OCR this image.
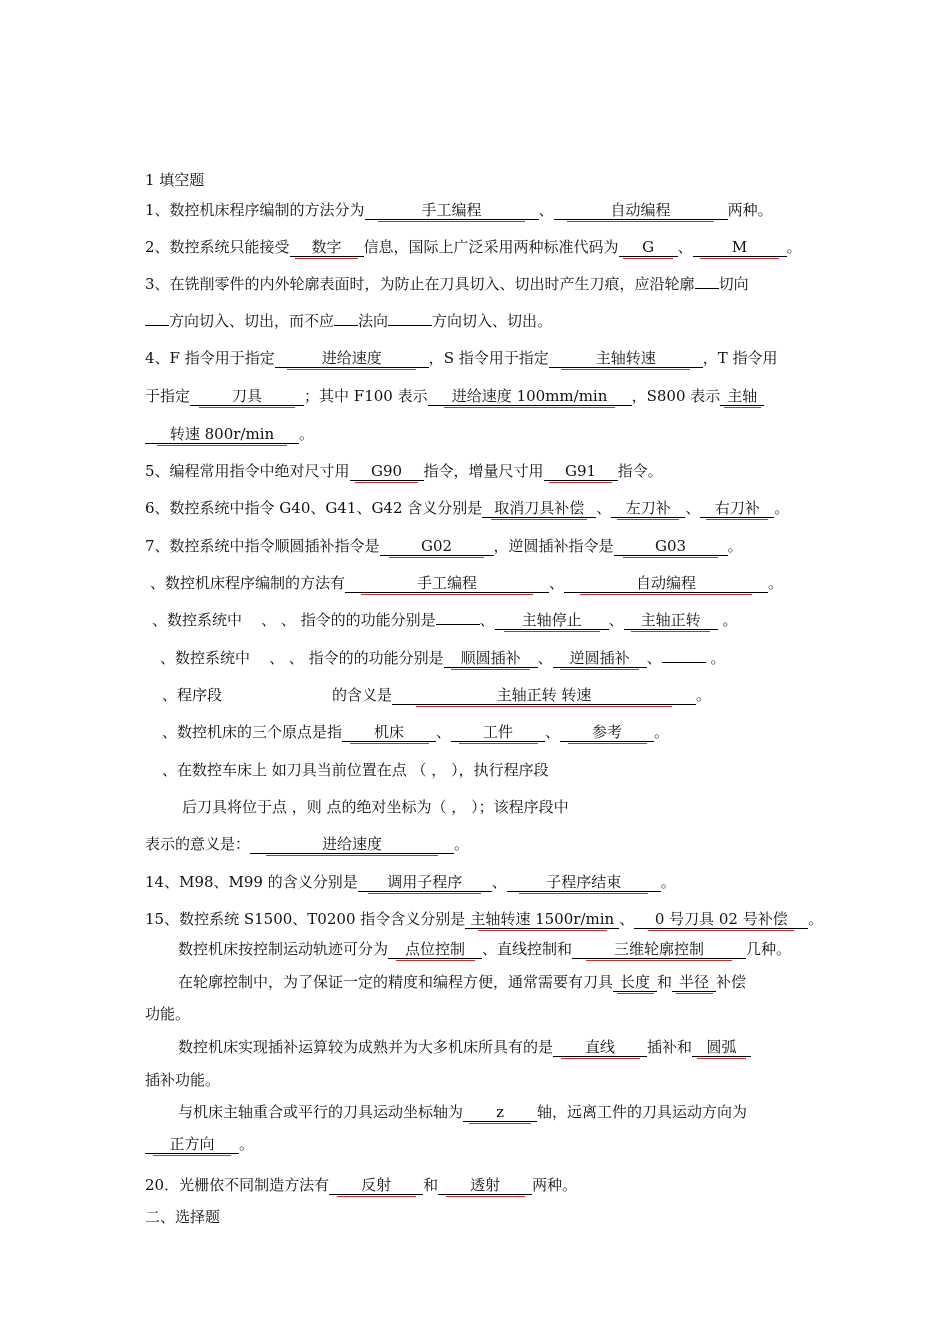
1 填空题
1、数控机床程序编制的方法分为	手工编程	、	自动编程	两种。
2、数控系统只能接受 数字 信息，国际上广泛采用两种标准代码为 G 、	M	。
3、在铣削零件的内外轮廓表面时，为防止在刀具切入、切出时产生刀痕，应沿轮廓 切向
方向切入、切出，而不应 法向	方向切入、切出。
4、F 指令用于指定	进给速度	，S 指令用于指定	主轴转速	，T 指令用
于指定	刀具	；其中 F100 表示 进给速度 100mm/min ，S800 表示 主轴
转速 800r/min 。
5、编程常用指令中绝对尺寸用 G90 指令，增量尺寸用 G91 指令。
6、数控系统中指令 G40、G41、G42 含义分别是 取消刀具补偿 、 左刀补 、 右刀补 。
7、数控系统中指令顺圆插补指令是	G02	，逆圆插补指令是	G03	。
、数控机床程序编制的方法有	手工编程	、	自动编程	。
、数控系统中 、 、 指令的的功能分别是	、 主轴停止 、 主轴正转 。
、数控系统中 、 、 指令的的功能分别是 顺圆插补 、 逆圆插补 、	。
、程序段	的含义是	主轴正转 转速	。
、数控机床的三个原点是指 机床 、 工件 、 参考 。
、在数控车床上 如刀具当前位置在点 （ ， ），执行程序段
后刀具将位于点 ，则 点的绝对坐标为（ ， ）；该程序段中
表示的意义是：	进给速度	。
14、M98、M99 的含义分别是 调用子程序 、	子程序结束	。
15、数控系统 S1500、T0200 指令含义分别是 主轴转速 1500r/min 、 0 号刀具 02 号补偿 。
数控机床按控制运动轨迹可分为 点位控制 、直线控制和	三维轮廓控制	几种。
在轮廓控制中，为了保证一定的精度和编程方便，通常需要有刀具 长度 和 半径 补偿
功能。
数控机床实现插补运算较为成熟并为大多机床所具有的是 直线 插补和 圆弧
插补功能。
与机床主轴重合或平行的刀具运动坐标轴为 z 轴，远离工件的刀具运动方向为
正方向 。
20．光栅依不同制造方法有 反射 和 透射 两种。
二、选择题
